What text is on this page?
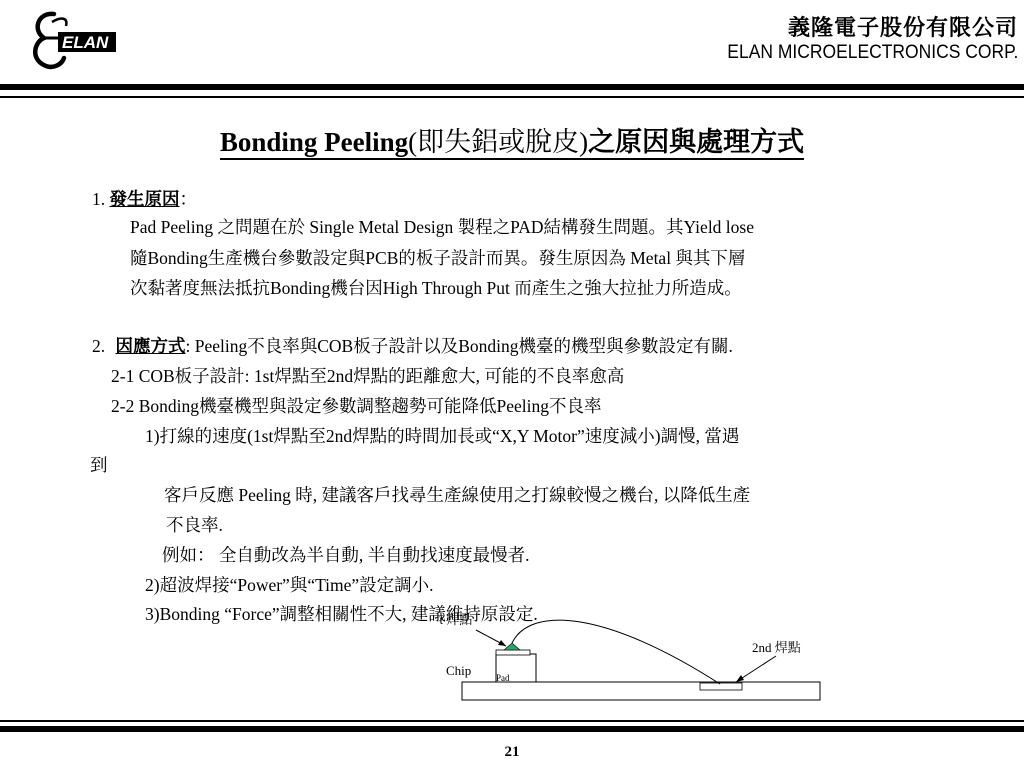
ELAN
義隆電子股份有限公司
ELAN MICROELECTRONICS CORP.
Bonding Peeling(即失鋁或脫皮)之原因與處理方式
1. 發生原因：
Pad Peeling 之問題在於 Single Metal Design 製程之PAD結構發生問題。其Yield lose
隨Bonding生產機台參數設定與PCB的板子設計而異。發生原因為 Metal 與其下層
次黏著度無法抵抗Bonding機台因High Through Put 而產生之強大拉扯力所造成。
2. 因應方式: Peeling不良率與COB板子設計以及Bonding機臺的機型與參數設定有關.
2-1 COB板子設計: 1st焊點至2nd焊點的距離愈大, 可能的不良率愈高
2-2 Bonding機臺機型與設定參數調整趨勢可能降低Peeling不良率
1)打線的速度(1st焊點至2nd焊點的時間加長或“X,Y Motor”速度減小)調慢, 當遇
到
客戶反應 Peeling 時, 建議客戶找尋生產線使用之打線較慢之機台, 以降低生產
不良率.
例如： 全自動改為半自動, 半自動找速度最慢者.
2)超波焊接“Power”與“Time”設定調小.
3)Bonding “Force”調整相關性不大, 建議維持原設定.
t 焊點
2nd 焊點
Chip	Pad
21
